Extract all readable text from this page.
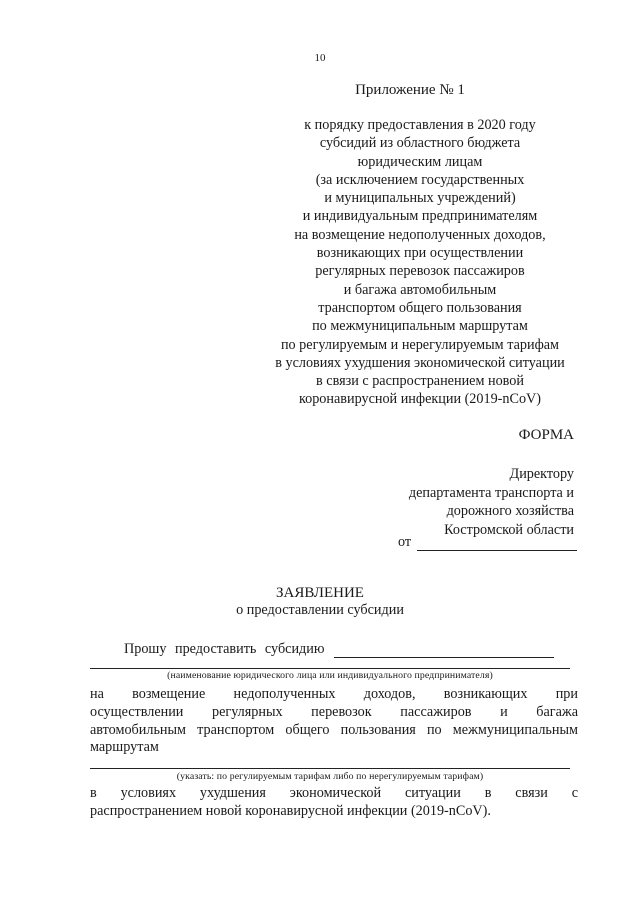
10
Приложение № 1
к порядку предоставления в 2020 году
субсидий из областного бюджета
юридическим лицам
(за исключением государственных
и муниципальных учреждений)
и индивидуальным предпринимателям
на возмещение недополученных доходов,
возникающих при осуществлении
регулярных перевозок пассажиров
и багажа автомобильным
транспортом общего пользования
по межмуниципальным маршрутам
по регулируемым и нерегулируемым тарифам
в условиях ухудшения экономической ситуации
в связи с распространением новой
коронавирусной инфекции (2019-nCoV)
ФОРМА
Директору
департамента транспорта и
дорожного хозяйства
Костромской области
от
ЗАЯВЛЕНИЕ
о предоставлении субсидии
Прошу предоставить субсидию
(наименование юридического лица или индивидуального предпринимателя)
на возмещение недополученных доходов, возникающих при
осуществлении регулярных перевозок пассажиров и багажа
автомобильным транспортом общего пользования по межмуниципальным
маршрутам
(указать: по регулируемым тарифам либо по нерегулируемым тарифам)
в условиях ухудшения экономической ситуации в связи с
распространением новой коронавирусной инфекции (2019-nCoV).
